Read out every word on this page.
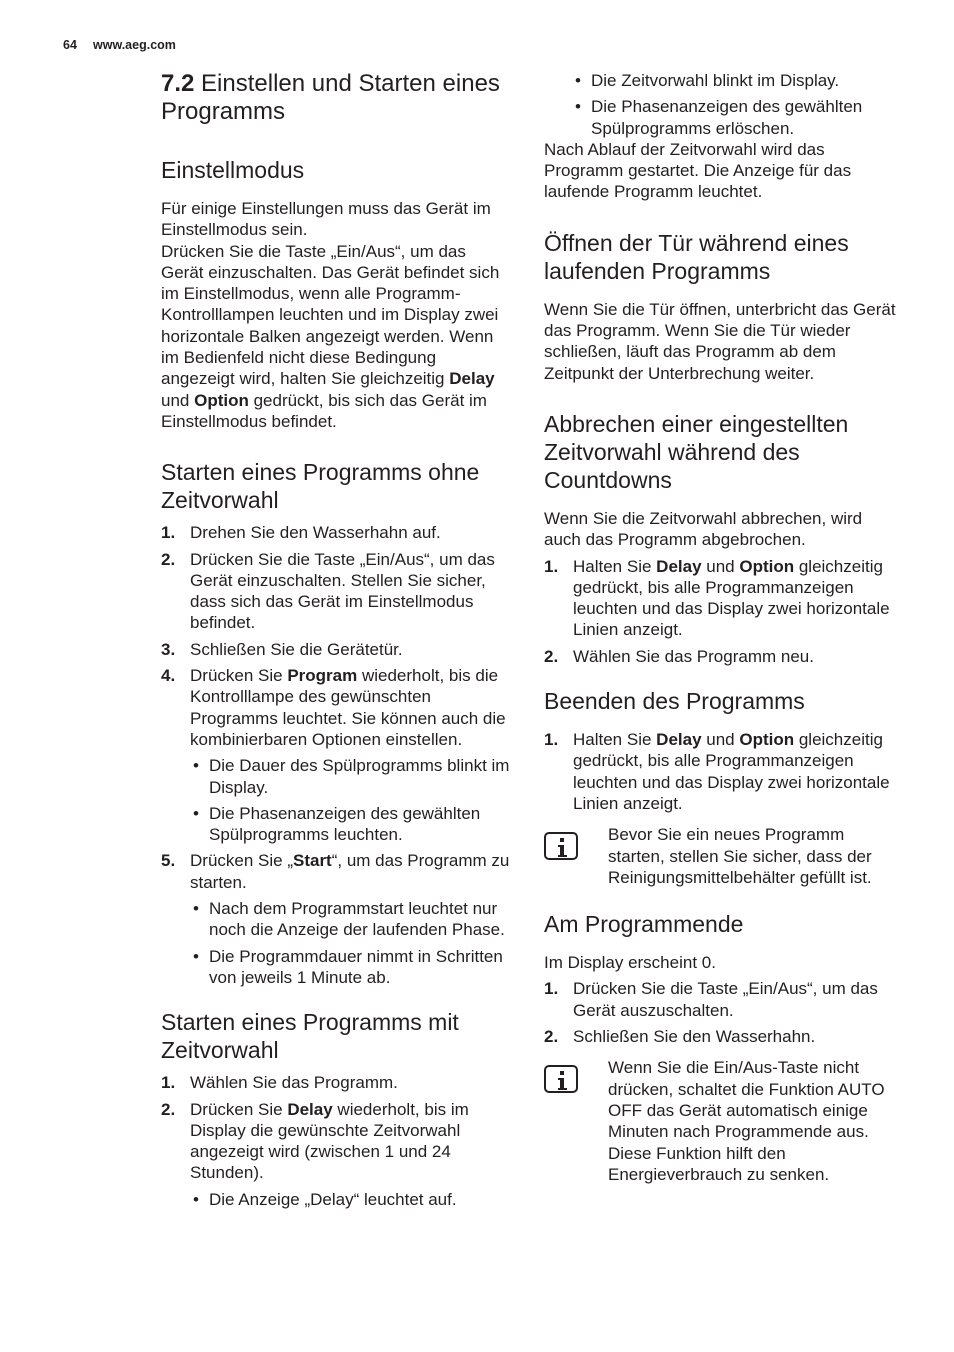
64 www.aeg.com
7.2 Einstellen und Starten eines Programms
Einstellmodus

Für einige Einstellungen muss das Gerät im Einstellmodus sein.

Drücken Sie die Taste „Ein/Aus“, um das Gerät einzuschalten. Das Gerät befindet sich im Einstellmodus, wenn alle Programm-Kontrolllampen leuchten und im Display zwei horizontale Balken angezeigt werden. Wenn im Bedienfeld nicht diese Bedingung angezeigt wird, halten Sie gleichzeitig Delay und Option gedrückt, bis sich das Gerät im Einstellmodus befindet.

Starten eines Programms ohne Zeitvorwahl
1. Drehen Sie den Wasserhahn auf.
2. Drücken Sie die Taste „Ein/Aus“, um das Gerät einzuschalten. Stellen Sie sicher, dass sich das Gerät im Einstellmodus befindet.
3. Schließen Sie die Gerätetür.
4. Drücken Sie Program wiederholt, bis die Kontrolllampe des gewünschten Programms leuchtet. Sie können auch die kombinierbaren Optionen einstellen.
• Die Dauer des Spülprogramms blinkt im Display.
• Die Phasenanzeigen des gewählten Spülprogramms leuchten.
5. Drücken Sie „Start“, um das Programm zu starten.
• Nach dem Programmstart leuchtet nur noch die Anzeige der laufenden Phase.
• Die Programmdauer nimmt in Schritten von jeweils 1 Minute ab.
Starten eines Programms mit Zeitvorwahl
1. Wählen Sie das Programm.
2. Drücken Sie Delay wiederholt, bis im Display die gewünschte Zeitvorwahl angezeigt wird (zwischen 1 und 24 Stunden).
• Die Anzeige „Delay“ leuchtet auf.
• Die Zeitvorwahl blinkt im Display.
• Die Phasenanzeigen des gewählten Spülprogramms erlöschen.

Nach Ablauf der Zeitvorwahl wird das Programm gestartet. Die Anzeige für das laufende Programm leuchtet.

Öffnen der Tür während eines laufenden Programms

Wenn Sie die Tür öffnen, unterbricht das Gerät das Programm. Wenn Sie die Tür wieder schließen, läuft das Programm ab dem Zeitpunkt der Unterbrechung weiter.

Abbrechen einer eingestellten Zeitvorwahl während des Countdowns

Wenn Sie die Zeitvorwahl abbrechen, wird auch das Programm abgebrochen.

1. Halten Sie Delay und Option gleichzeitig gedrückt, bis alle Programmanzeigen leuchten und das Display zwei horizontale Linien anzeigt.
2. Wählen Sie das Programm neu.
Beenden des Programms
1. Halten Sie Delay und Option gleichzeitig gedrückt, bis alle Programmanzeigen leuchten und das Display zwei horizontale Linien anzeigt.

Bevor Sie ein neues Programm starten, stellen Sie sicher, dass der Reinigungsmittelbehälter gefüllt ist.

Am Programmende

Im Display erscheint 0.

1. Drücken Sie die Taste „Ein/Aus“, um das Gerät auszuschalten.
2. Schließen Sie den Wasserhahn.

Wenn Sie die Ein/Aus-Taste nicht drücken, schaltet die Funktion AUTO OFF das Gerät automatisch einige Minuten nach Programmende aus.

Diese Funktion hilft den Energieverbrauch zu senken.
